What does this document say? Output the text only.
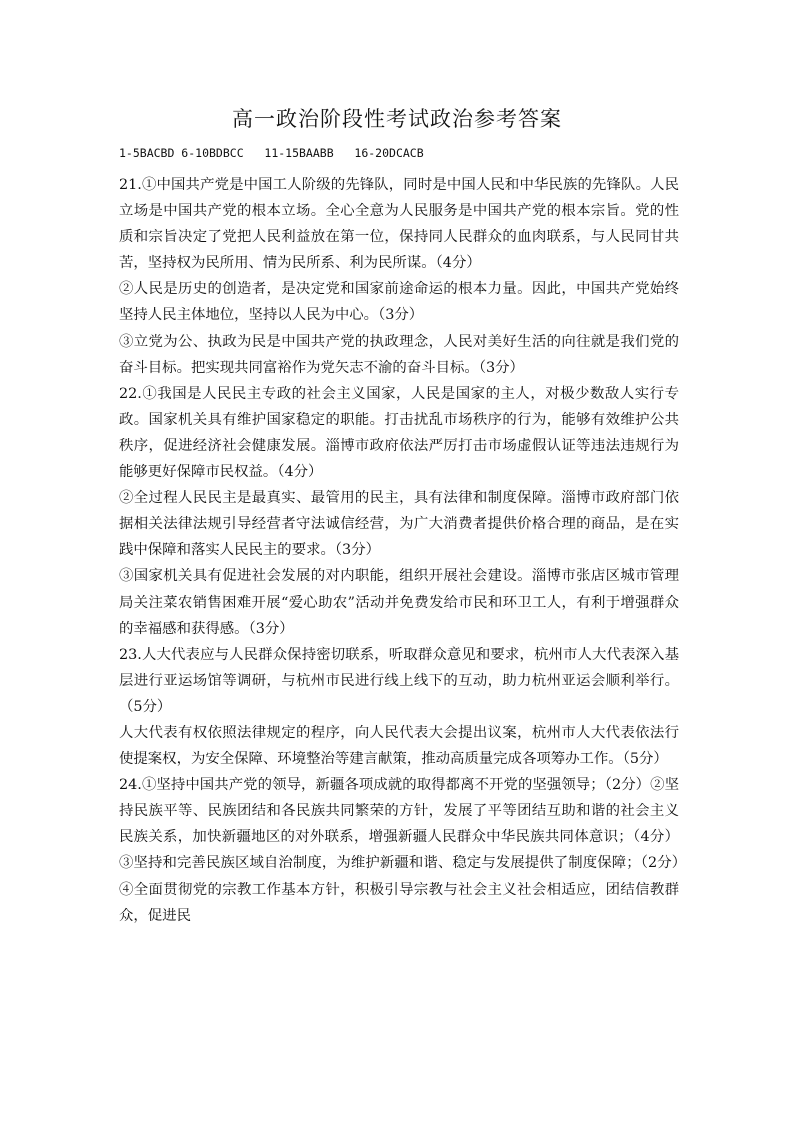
高一政治阶段性考试政治参考答案
1-5BACBD 6-10BDBCC   11-15BAABB   16-20DCACB

21.①中国共产党是中国工人阶级的先锋队，同时是中国人民和中华民族的先锋队。人民立场是中国共产党的根本立场。全心全意为人民服务是中国共产党的根本宗旨。党的性质和宗旨决定了党把人民利益放在第一位，保持同人民群众的血肉联系，与人民同甘共苦，坚持权为民所用、情为民所系、利为民所谋。（4分）

②人民是历史的创造者，是决定党和国家前途命运的根本力量。因此，中国共产党始终坚持人民主体地位，坚持以人民为中心。（3分）

③立党为公、执政为民是中国共产党的执政理念，人民对美好生活的向往就是我们党的奋斗目标。把实现共同富裕作为党矢志不渝的奋斗目标。（3分）

22.①我国是人民民主专政的社会主义国家，人民是国家的主人，对极少数敌人实行专政。国家机关具有维护国家稳定的职能。打击扰乱市场秩序的行为，能够有效维护公共秩序，促进经济社会健康发展。淄博市政府依法严厉打击市场虚假认证等违法违规行为能够更好保障市民权益。（4分）

②全过程人民民主是最真实、最管用的民主，具有法律和制度保障。淄博市政府部门依据相关法律法规引导经营者守法诚信经营，为广大消费者提供价格合理的商品，是在实践中保障和落实人民民主的要求。（3分）

③国家机关具有促进社会发展的对内职能，组织开展社会建设。淄博市张店区城市管理局关注菜农销售困难开展“爱心助农”活动并免费发给市民和环卫工人，有利于增强群众的幸福感和获得感。（3分）

23.人大代表应与人民群众保持密切联系，听取群众意见和要求，杭州市人大代表深入基层进行亚运场馆等调研，与杭州市民进行线上线下的互动，助力杭州亚运会顺利举行。（5分）

人大代表有权依照法律规定的程序，向人民代表大会提出议案，杭州市人大代表依法行使提案权，为安全保障、环境整治等建言献策，推动高质量完成各项筹办工作。（5分）

24.①坚持中国共产党的领导，新疆各项成就的取得都离不开党的坚强领导；（2分）②坚持民族平等、民族团结和各民族共同繁荣的方针，发展了平等团结互助和谐的社会主义民族关系，加快新疆地区的对外联系，增强新疆人民群众中华民族共同体意识；（4分）③坚持和完善民族区域自治制度，为维护新疆和谐、稳定与发展提供了制度保障；（2分）④全面贯彻党的宗教工作基本方针，积极引导宗教与社会主义社会相适应，团结信教群众，促进民
